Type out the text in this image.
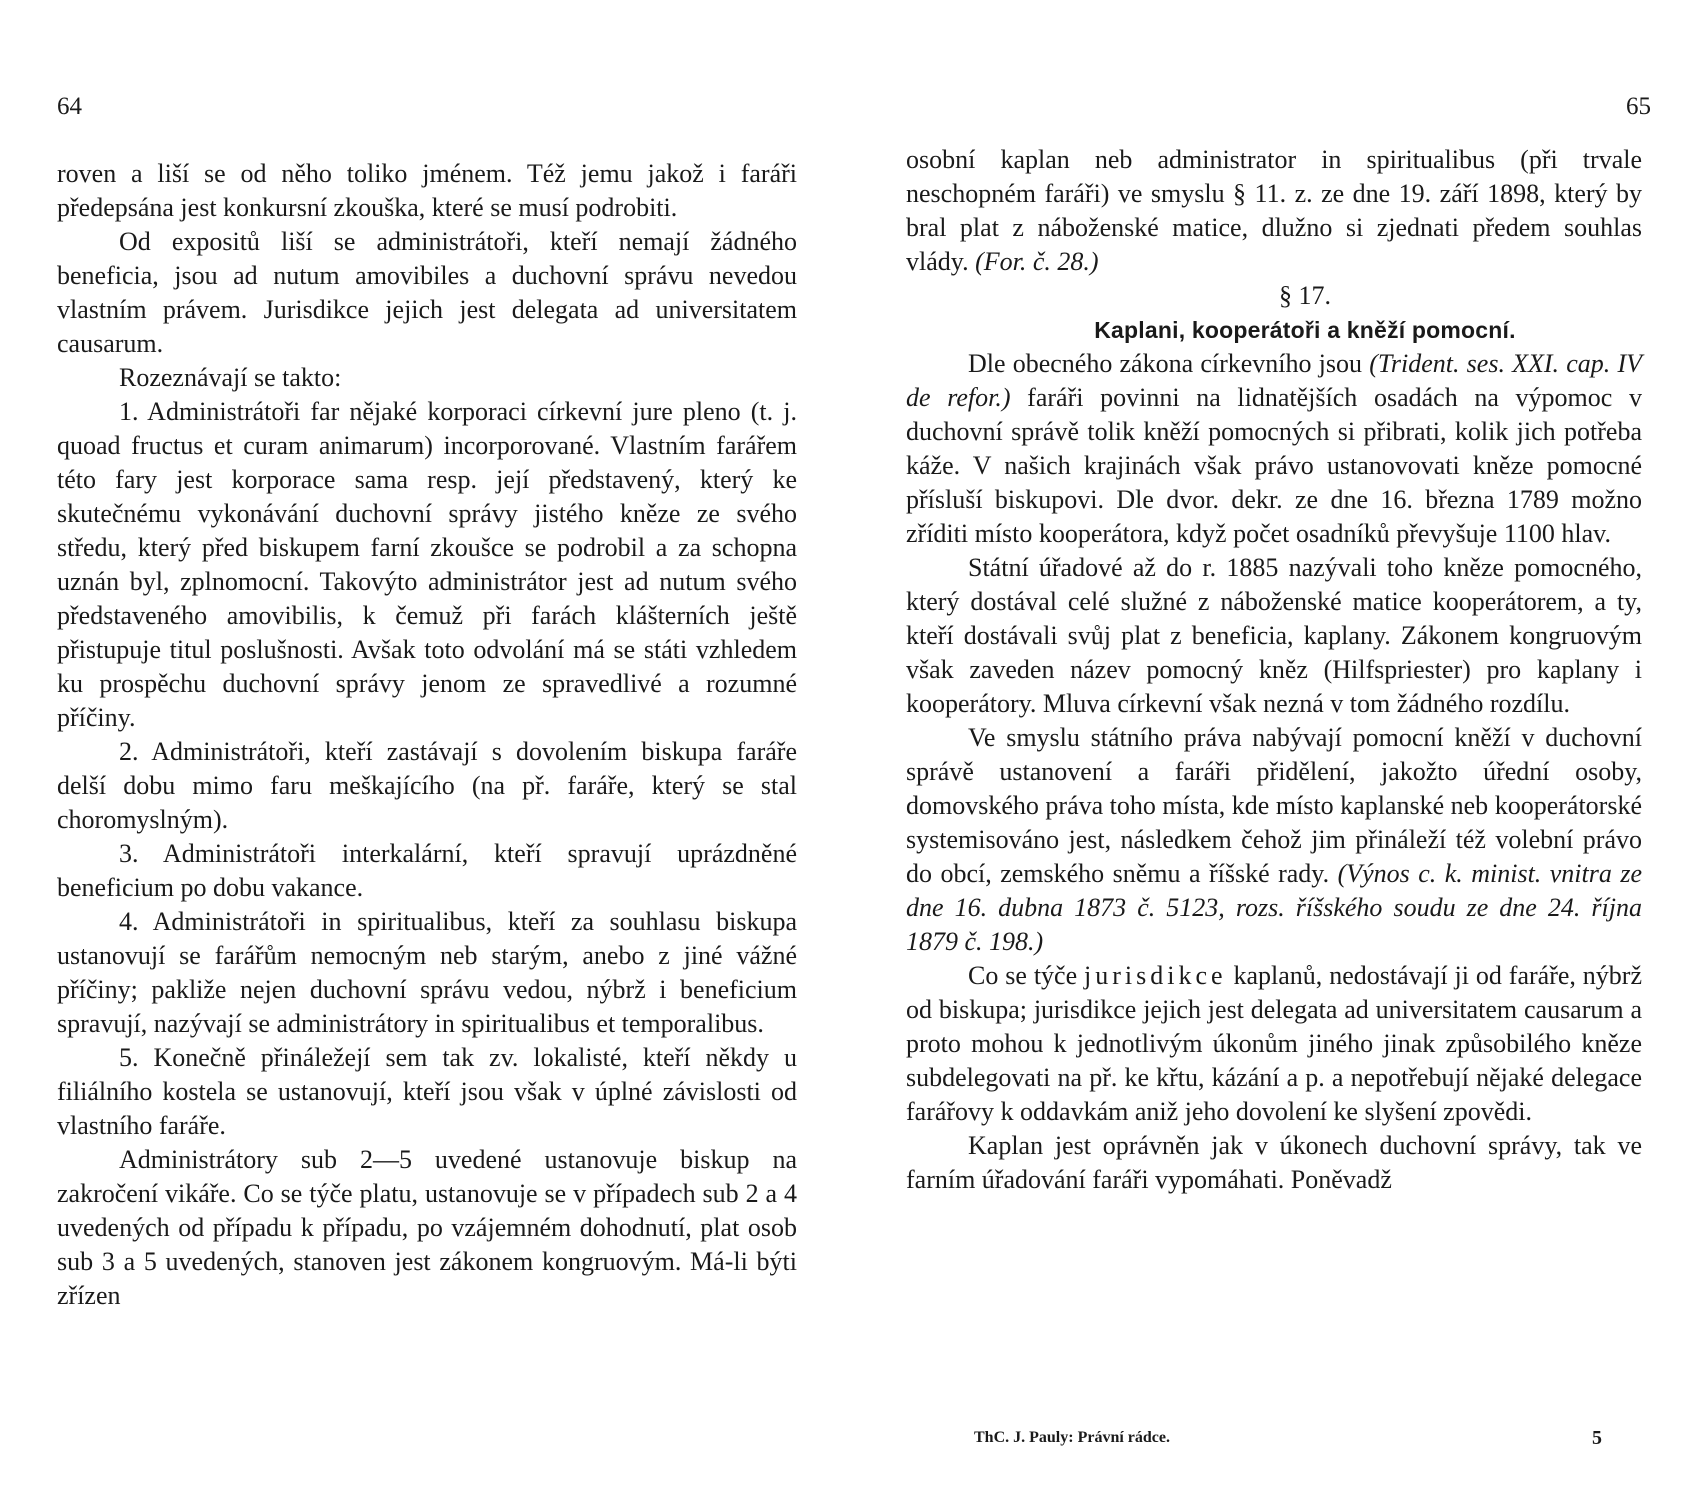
64

roven a liší se od něho toliko jménem. Též jemu jakož i faráři předepsána jest konkursní zkouška, které se musí podrobiti.

Od expositů liší se administrátoři, kteří nemají žádného beneficia, jsou ad nutum amovibiles a duchovní správu nevedou vlastním právem. Jurisdikce jejich jest delegata ad universitatem causarum.

Rozeznávají se takto:

1. Administrátoři far nějaké korporaci církevní jure pleno (t. j. quoad fructus et curam animarum) incorporované. Vlastním farářem této fary jest korporace sama resp. její představený, který ke skutečnému vykonávání duchovní správy jistého kněze ze svého středu, který před biskupem farní zkoušce se podrobil a za schopna uznán byl, zplnomocní. Takovýto administrátor jest ad nutum svého představeného amovibilis, k čemuž při farách klášterních ještě přistupuje titul poslušnosti. Avšak toto odvolání má se státi vzhledem ku prospěchu duchovní správy jenom ze spravedlivé a rozumné příčiny.

2. Administrátoři, kteří zastávají s dovolením biskupa faráře delší dobu mimo faru meškajícího (na př. faráře, který se stal choromyslným).

3. Administrátoři interkalární, kteří spravují uprázdněné beneficium po dobu vakance.

4. Administrátoři in spiritualibus, kteří za souhlasu biskupa ustanovují se farářům nemocným neb starým, anebo z jiné vážné příčiny; pakliže nejen duchovní správu vedou, nýbrž i beneficium spravují, nazývají se administrátory in spiritualibus et temporalibus.

5. Konečně přináležejí sem tak zv. lokalisté, kteří někdy u filiálního kostela se ustanovují, kteří jsou však v úplné závislosti od vlastního faráře.

Administrátory sub 2—5 uvedené ustanovuje biskup na zakročení vikáře. Co se týče platu, ustanovuje se v případech sub 2 a 4 uvedených od případu k případu, po vzájemném dohodnutí, plat osob sub 3 a 5 uvedených, stanoven jest zákonem kongruovým. Má-li býti zřízen

65

osobní kaplan neb administrator in spiritualibus (při trvale neschopném faráři) ve smyslu § 11. z. ze dne 19. září 1898, který by bral plat z náboženské matice, dlužno si zjednati předem souhlas vlády. (For. č. 28.)

§ 17.

Kaplani, kooperátoři a kněží pomocní.

Dle obecného zákona církevního jsou (Trident. ses. XXI. cap. IV de refor.) faráři povinni na lidnatějších osadách na výpomoc v duchovní správě tolik kněží pomocných si přibrati, kolik jich potřeba káže. V našich krajinách však právo ustanovovati kněze pomocné přísluší biskupovi. Dle dvor. dekr. ze dne 16. března 1789 možno zříditi místo kooperátora, když počet osadníků převyšuje 1100 hlav.

Státní úřadové až do r. 1885 nazývali toho kněze pomocného, který dostával celé služné z náboženské matice kooperátorem, a ty, kteří dostávali svůj plat z beneficia, kaplany. Zákonem kongruovým však zaveden název pomocný kněz (Hilfspriester) pro kaplany i kooperátory. Mluva církevní však nezná v tom žádného rozdílu.

Ve smyslu státního práva nabývají pomocní kněží v duchovní správě ustanovení a faráři přidělení, jakožto úřední osoby, domovského práva toho místa, kde místo kaplanské neb kooperátorské systemisováno jest, následkem čehož jim přináleží též volební právo do obcí, zemského sněmu a říšské rady. (Výnos c. k. minist. vnitra ze dne 16. dubna 1873 č. 5123, rozs. říšského soudu ze dne 24. října 1879 č. 198.)

Co se týče jurisdikce kaplanů, nedostávají ji od faráře, nýbrž od biskupa; jurisdikce jejich jest delegata ad universitatem causarum a proto mohou k jednotlivým úkonům jiného jinak způsobilého kněze subdelegovati na př. ke křtu, kázání a p. a nepotřebují nějaké delegace farářovy k oddavkám aniž jeho dovolení ke slyšení zpovědi.

Kaplan jest oprávněn jak v úkonech duchovní správy, tak ve farním úřadování faráři vypomáhati. Poněvadž

ThC. J. Pauly: Právní rádce.	5
